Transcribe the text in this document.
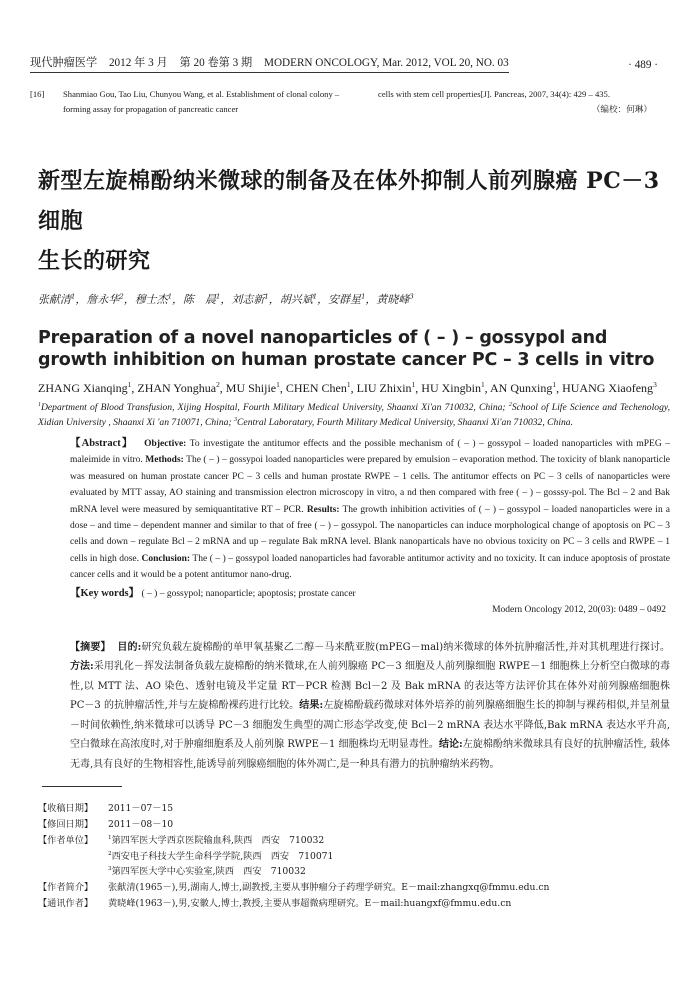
现代肿瘤医学 2012 年 3 月 第 20 卷第 3 期 MODERN ONCOLOGY, Mar. 2012, VOL 20, NO. 03	· 489 ·
[16]	Shanmiao Gou, Tao Liu, Chunyou Wang, et al. Establishment of clonal colony – forming assay for propagation of pancreatic cancer
cells with stem cell properties[J]. Pancreas, 2007, 34(4): 429 – 435.
（编校：何琳）
新型左旋棉酚纳米微球的制备及在体外抑制人前列腺癌 PC－3 细胞
生长的研究
张献清$^1$，詹永华$^2$，穆士杰$^1$，陈　晨$^1$，刘志新$^1$，胡兴斌$^1$，安群星$^1$，黄晓峰$^3$
Preparation of a novel nanoparticles of ( – ) – gossypol and growth inhibition on human prostate cancer PC – 3 cells in vitro
ZHANG Xianqing$^1$, ZHAN Yonghua$^2$, MU Shijie$^1$, CHEN Chen$^1$, LIU Zhixin$^1$, HU Xingbin$^1$, AN Qunxing$^1$, HUANG Xiaofeng$^3$
$^1$Department of Blood Transfusion, Xijing Hospital, Fourth Military Medical University, Shaanxi Xi'an 710032, China; $^2$School of Life Science and Techenology, Xidian University , Shaanxi Xi 'an 710071, China; $^3$Central Laboratary, Fourth Military Medical University, Shaanxi Xi'an 710032, China.
【Abstract】 Objective: To investigate the antitumor effects and the possible mechanism of ( – ) – gossypol – loaded nanoparticles with mPEG – maleimide in vitro. Methods: The ( – ) – gossypoi loaded nanoparticles were prepared by emulsion – evaporation method. The toxicity of blank nanoparticle was measured on human prostate cancer PC – 3 cells and human prostate RWPE – 1 cells. The antitumor effects on PC – 3 cells of nanoparticles were evaluated by MTT assay, AO staining and transmission electron microscopy in vitro, a nd then compared with free ( – ) – gosssy-pol. The Bcl – 2 and Bak mRNA level were measured by semiquantitative RT – PCR. Results: The growth inhibition activities of ( – ) – gossypol – loaded nanoparticles were in a dose – and time – dependent manner and similar to that of free ( – ) – gossypol. The nanoparticles can induce morphological change of apoptosis on PC – 3 cells and down – regulate Bcl – 2 mRNA and up – regulate Bak mRNA level. Blank nanoparticals have no obvious toxicity on PC – 3 cells and RWPE – 1 cells in high dose. Conclusion: The ( – ) – gossypol loaded nanoparticles had favorable antitumor activity and no toxicity. It can induce apoptosis of prostate cancer cells and it would be a potent antitumor nano-drug.
【Key words】 ( – ) – gossypol; nanoparticle; apoptosis; prostate cancer
Modern Oncology 2012, 20(03): 0489 – 0492
【摘要】 目的:研究负载左旋棉酚的单甲氧基聚乙二醇－马来酰亚胺(mPEG－mal)纳米微球的体外抗肿瘤活性,并对其机理进行探讨。方法:采用乳化－挥发法制备负载左旋棉酚的纳米微球,在人前列腺癌 PC－3 细胞及人前列腺细胞 RWPE－1 细胞株上分析空白微球的毒性,以 MTT 法、AO 染色、透射电镜及半定量 RT－PCR 检测 Bcl－2 及 Bak mRNA 的表达等方法评价其在体外对前列腺癌细胞株 PC－3 的抗肿瘤活性,并与左旋棉酚裸药进行比较。结果:左旋棉酚载药微球对体外培养的前列腺癌细胞生长的抑制与裸药相似,并呈剂量－时间依赖性,纳米微球可以诱导 PC－3 细胞发生典型的凋亡形态学改变,使 Bcl－2 mRNA 表达水平降低,Bak mRNA 表达水平升高,空白微球在高浓度时,对于肿瘤细胞系及人前列腺 RWPE－1 细胞株均无明显毒性。结论:左旋棉酚纳米微球具有良好的抗肿瘤活性, 载体无毒,具有良好的生物相容性,能诱导前列腺癌细胞的体外凋亡,是一种具有潜力的抗肿瘤纳米药物。
【收稿日期】	2011－07－15
【修回日期】	2011－08－10
【作者单位】	$^1$第四军医大学西京医院输血科,陕西　西安　710032
$^2$西安电子科技大学生命科学学院,陕西　西安　710071
$^3$第四军医大学中心实验室,陕西　西安　710032
【作者简介】	张献清(1965－),男,湖南人,博士,副教授,主要从事肿瘤分子药理学研究。E－mail:zhangxq@fmmu.edu.cn
【通讯作者】	黄晓峰(1963－),男,安徽人,博士,教授,主要从事超微病理研究。E－mail:huangxf@fmmu.edu.cn
